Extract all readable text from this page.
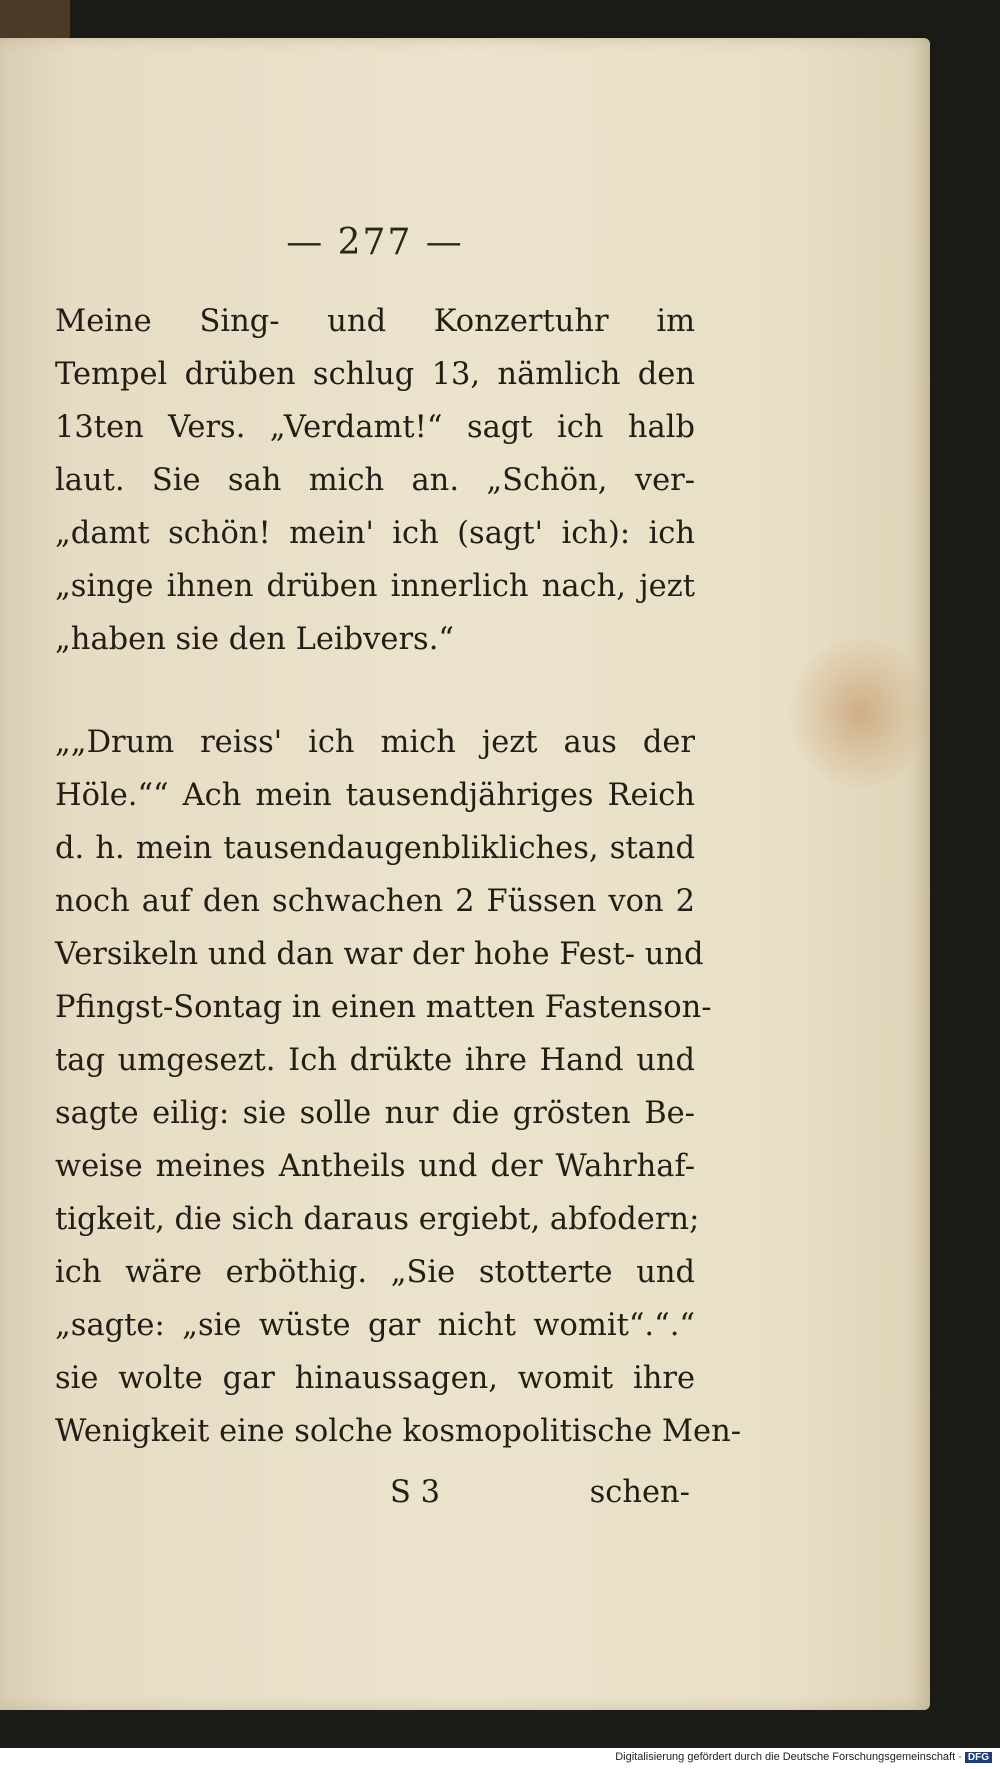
— 277 —
Meine Sing- und Konzertuhr im
Tempel drüben schlug 13, nämlich den
13ten Vers. „Verdamt!“ sagt ich halb
laut. Sie sah mich an. „Schön, ver-
„damt schön! mein' ich (sagt' ich): ich
„singe ihnen drüben innerlich nach, jezt
„haben sie den Leibvers.“
„„Drum reiss' ich mich jezt aus der
Höle.““ Ach mein tausendjähriges Reich
d. h. mein tausendaugenblikliches, stand
noch auf den schwachen 2 Füssen von 2
Versikeln und dan war der hohe Fest- und
Pfingst-Sontag in einen matten Fastenson-
tag umgesezt. Ich drükte ihre Hand und
sagte eilig: sie solle nur die grösten Be-
weise meines Antheils und der Wahrhaf-
tigkeit, die sich daraus ergiebt, abfodern;
ich wäre erböthig. „Sie stotterte und
„sagte: „sie wüste gar nicht womit“.“.“
sie wolte gar hinaussagen, womit ihre
Wenigkeit eine solche kosmopolitische Men-
S 3	schen-
Digitalisierung gefördert durch die Deutsche Forschungsgemeinschaft · DFG
